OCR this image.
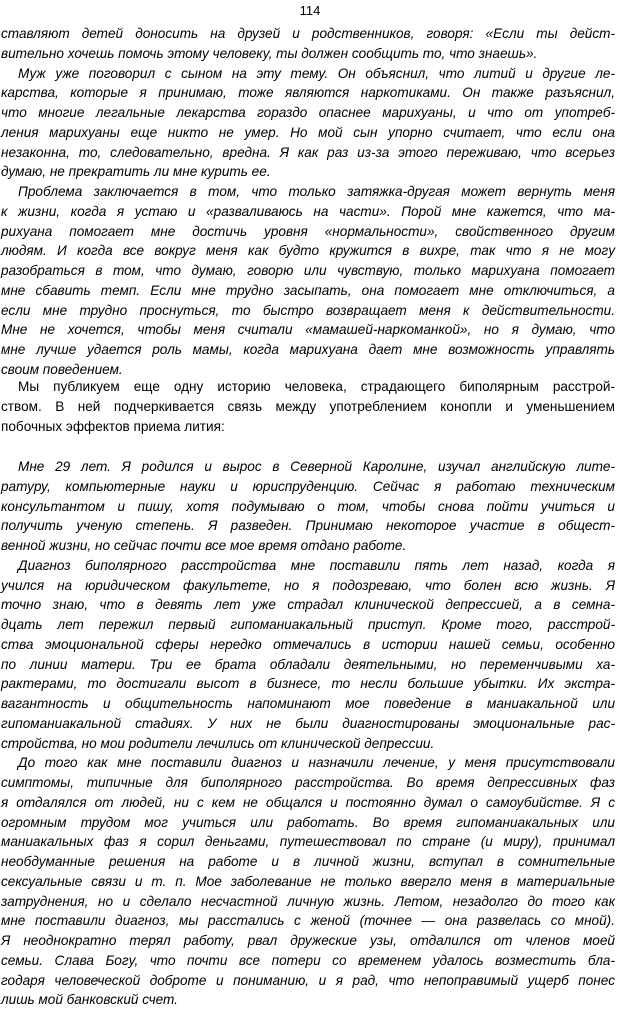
114
ставляют детей доносить на друзей и родственников, говоря: «Если ты дейст-
вительно хочешь помочь этому человеку, ты должен сообщить то, что знаешь».
Муж уже поговорил с сыном на эту тему. Он объяснил, что литий и другие ле-
карства, которые я принимаю, тоже являются наркотиками. Он также разъяснил,
что многие легальные лекарства гораздо опаснее марихуаны, и что от употреб-
ления марихуаны еще никто не умер. Но мой сын упорно считает, что если она
незаконна, то, следовательно, вредна. Я как раз из-за этого переживаю, что всерьез
думаю, не прекратить ли мне курить ее.
Проблема заключается в том, что только затяжка-другая может вернуть меня
к жизни, когда я устаю и «разваливаюсь на части». Порой мне кажется, что ма-
рихуана помогает мне достичь уровня «нормальности», свойственного другим
людям. И когда все вокруг меня как будто кружится в вихре, так что я не могу
разобраться в том, что думаю, говорю или чувствую, только марихуана помогает
мне сбавить темп. Если мне трудно засыпать, она помогает мне отключиться, а
если мне трудно проснуться, то быстро возвращает меня к действительности.
Мне не хочется, чтобы меня считали «мамашей-наркоманкой», но я думаю, что
мне лучше удается роль мамы, когда марихуана дает мне возможность управлять
своим поведением.
Мы публикуем еще одну историю человека, страдающего биполярным расстрой-
ством. В ней подчеркивается связь между употреблением конопли и уменьшением
побочных эффектов приема лития:
Мне 29 лет. Я родился и вырос в Северной Каролине, изучал английскую лите-
ратуру, компьютерные науки и юриспруденцию. Сейчас я работаю техническим
консультантом и пишу, хотя подумываю о том, чтобы снова пойти учиться и
получить ученую степень. Я разведен. Принимаю некоторое участие в общест-
венной жизни, но сейчас почти все мое время отдано работе.
Диагноз биполярного расстройства мне поставили пять лет назад, когда я
учился на юридическом факультете, но я подозреваю, что болен всю жизнь. Я
точно знаю, что в девять лет уже страдал клинической депрессией, а в семна-
дцать лет пережил первый гипоманиакальный приступ. Кроме того, расстрой-
ства эмоциональной сферы нередко отмечались в истории нашей семьи, особенно
по линии матери. Три ее брата обладали деятельными, но переменчивыми ха-
рактерами, то достигали высот в бизнесе, то несли большие убытки. Их экстра-
вагантность и общительность напоминают мое поведение в маниакальной или
гипоманиакальной стадиях. У них не были диагностированы эмоциональные рас-
стройства, но мои родители лечились от клинической депрессии.
До того как мне поставили диагноз и назначили лечение, у меня присутствовали
симптомы, типичные для биполярного расстройства. Во время депрессивных фаз
я отдалялся от людей, ни с кем не общался и постоянно думал о самоубийстве. Я с
огромным трудом мог учиться или работать. Во время гипоманиакальных или
маниакальных фаз я сорил деньгами, путешествовал по стране (и миру), принимал
необдуманные решения на работе и в личной жизни, вступал в сомнительные
сексуальные связи и т. п. Мое заболевание не только ввергло меня в материальные
затруднения, но и сделало несчастной личную жизнь. Летом, незадолго до того как
мне поставили диагноз, мы расстались с женой (точнее — она развелась со мной).
Я неоднократно терял работу, рвал дружеские узы, отдалился от членов моей
семьи. Слава Богу, что почти все потери со временем удалось возместить бла-
годаря человеческой доброте и пониманию, и я рад, что непоправимый ущерб понес
лишь мой банковский счет.
